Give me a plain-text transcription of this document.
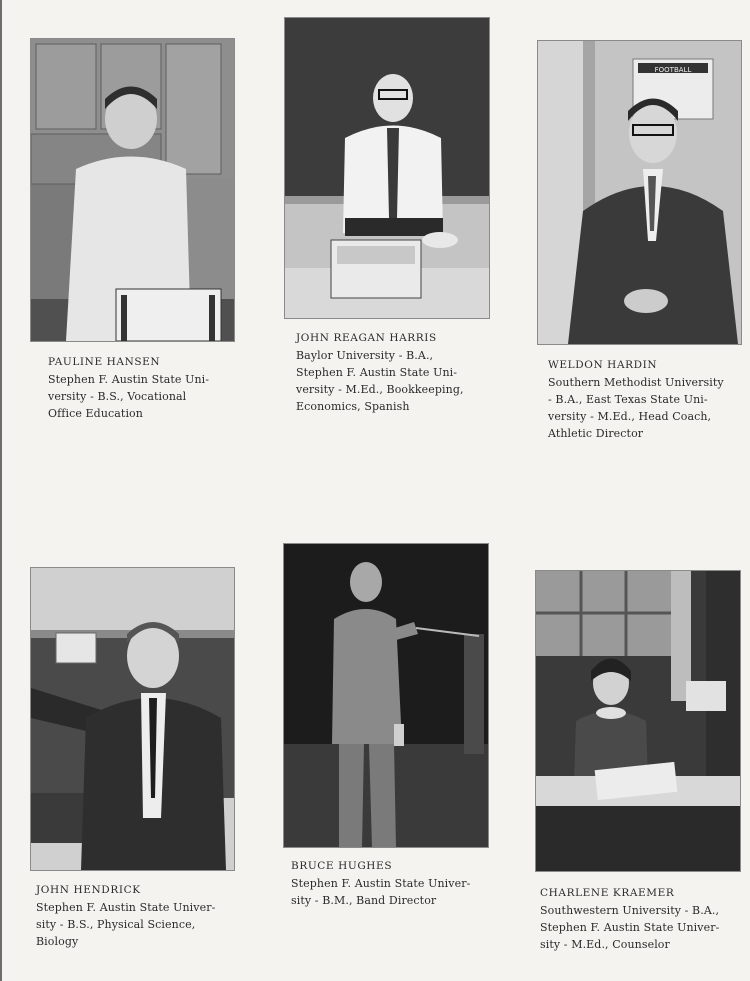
PAULINE HANSEN
Stephen F. Austin State Uni-
versity - B.S., Vocational
Office Education
JOHN REAGAN HARRIS
Baylor University - B.A.,
Stephen F. Austin State Uni-
versity - M.Ed., Bookkeeping,
Economics, Spanish
FOOTBALL
WELDON HARDIN
Southern Methodist University
- B.A., East Texas State Uni-
versity - M.Ed., Head Coach,
Athletic Director
JOHN HENDRICK
Stephen F. Austin State Univer-
sity - B.S., Physical Science,
Biology
BRUCE HUGHES
Stephen F. Austin State Univer-
sity - B.M., Band Director
CHARLENE KRAEMER
Southwestern University - B.A.,
Stephen F. Austin State Univer-
sity - M.Ed., Counselor
